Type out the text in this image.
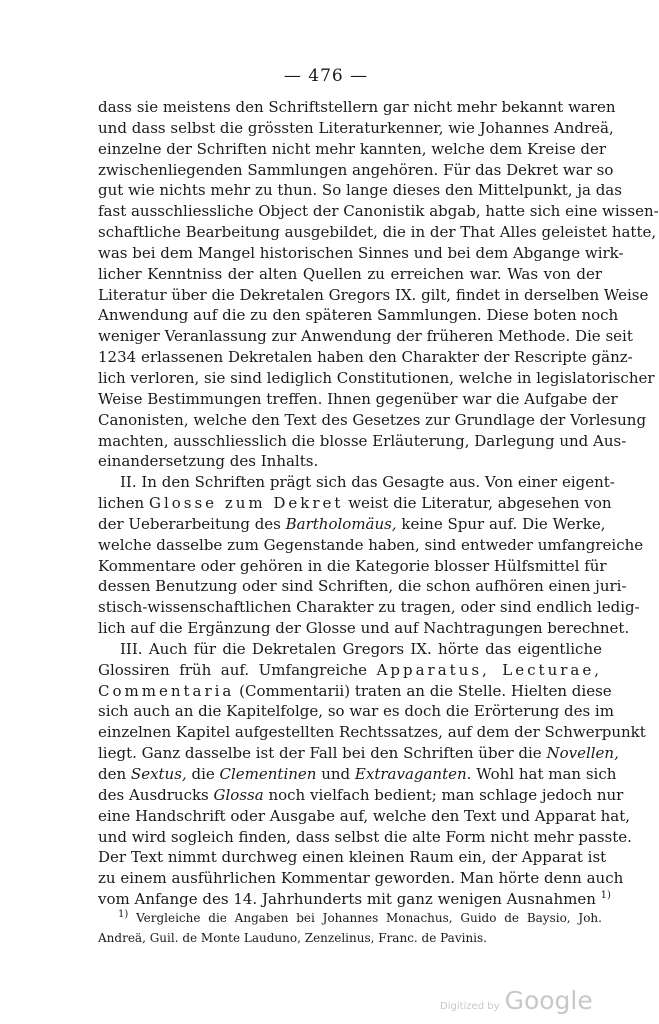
— 476 —
dass sie meistens den Schriftstellern gar nicht mehr bekannt waren
und dass selbst die grössten Literaturkenner, wie Johannes Andreä,
einzelne der Schriften nicht mehr kannten, welche dem Kreise der
zwischenliegenden Sammlungen angehören. Für das Dekret war so
gut wie nichts mehr zu thun. So lange dieses den Mittelpunkt, ja das
fast ausschliessliche Object der Canonistik abgab, hatte sich eine wissen-
schaftliche Bearbeitung ausgebildet, die in der That Alles geleistet hatte,
was bei dem Mangel historischen Sinnes und bei dem Abgange wirk-
licher Kenntniss der alten Quellen zu erreichen war. Was von der
Literatur über die Dekretalen Gregors IX. gilt, findet in derselben Weise
Anwendung auf die zu den späteren Sammlungen. Diese boten noch
weniger Veranlassung zur Anwendung der früheren Methode. Die seit
1234 erlassenen Dekretalen haben den Charakter der Rescripte gänz-
lich verloren, sie sind lediglich Constitutionen, welche in legislatorischer
Weise Bestimmungen treffen. Ihnen gegenüber war die Aufgabe der
Canonisten, welche den Text des Gesetzes zur Grundlage der Vorlesung
machten, ausschliesslich die blosse Erläuterung, Darlegung und Aus-
einandersetzung des Inhalts.
II. In den Schriften prägt sich das Gesagte aus. Von einer eigent-
lichen Glosse zum Dekret weist die Literatur, abgesehen von
der Ueberarbeitung des Bartholomäus, keine Spur auf. Die Werke,
welche dasselbe zum Gegenstande haben, sind entweder umfangreiche
Kommentare oder gehören in die Kategorie blosser Hülfsmittel für
dessen Benutzung oder sind Schriften, die schon aufhören einen juri-
stisch-wissenschaftlichen Charakter zu tragen, oder sind endlich ledig-
lich auf die Ergänzung der Glosse und auf Nachtragungen berechnet.
III. Auch für die Dekretalen Gregors IX. hörte das eigentliche
Glossiren früh auf. Umfangreiche Apparatus, Lecturae,
Commentaria (Commentarii) traten an die Stelle. Hielten diese
sich auch an die Kapitelfolge, so war es doch die Erörterung des im
einzelnen Kapitel aufgestellten Rechtssatzes, auf dem der Schwerpunkt
liegt. Ganz dasselbe ist der Fall bei den Schriften über die Novellen,
den Sextus, die Clementinen und Extravaganten. Wohl hat man sich
des Ausdrucks Glossa noch vielfach bedient; man schlage jedoch nur
eine Handschrift oder Ausgabe auf, welche den Text und Apparat hat,
und wird sogleich finden, dass selbst die alte Form nicht mehr passte.
Der Text nimmt durchweg einen kleinen Raum ein, der Apparat ist
zu einem ausführlichen Kommentar geworden. Man hörte denn auch
vom Anfange des 14. Jahrhunderts mit ganz wenigen Ausnahmen $^{1)}$
$^{1)}$ Vergleiche die Angaben bei Johannes Monachus, Guido de Baysio, Joh.
Andreä, Guil. de Monte Lauduno, Zenzelinus, Franc. de Pavinis.
Digitized by Google
